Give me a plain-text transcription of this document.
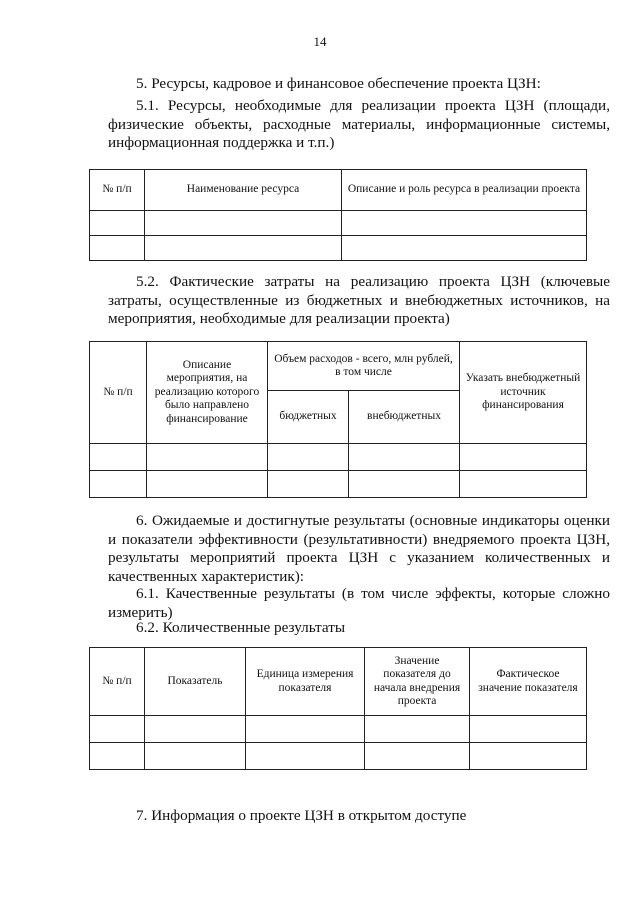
14
5. Ресурсы, кадровое и финансовое обеспечение проекта ЦЗН:
5.1. Ресурсы, необходимые для реализации проекта ЦЗН (площади, физические объекты, расходные материалы, информационные системы, информационная поддержка и т.п.)
№ п/п	Наименование ресурса	Описание и роль ресурса в реализации проекта

5.2. Фактические затраты на реализацию проекта ЦЗН (ключевые затраты, осуществленные из бюджетных и внебюджетных источников, на мероприятия, необходимые для реализации проекта)
№ п/п	Описание мероприятия, на реализацию которого было направлено финансирование	Объем расходов - всего, млн рублей, в том числе		Указать внебюджетный источник финансирования
		бюджетных	внебюджетных	

6. Ожидаемые и достигнутые результаты (основные индикаторы оценки и показатели эффективности (результативности) внедряемого проекта ЦЗН, результаты мероприятий проекта ЦЗН с указанием количественных и качественных характеристик):
6.1. Качественные результаты (в том числе эффекты, которые сложно измерить)
6.2. Количественные результаты
№ п/п	Показатель	Единица измерения показателя	Значение показателя до начала внедрения проекта	Фактическое значение показателя

7. Информация о проекте ЦЗН в открытом доступе
